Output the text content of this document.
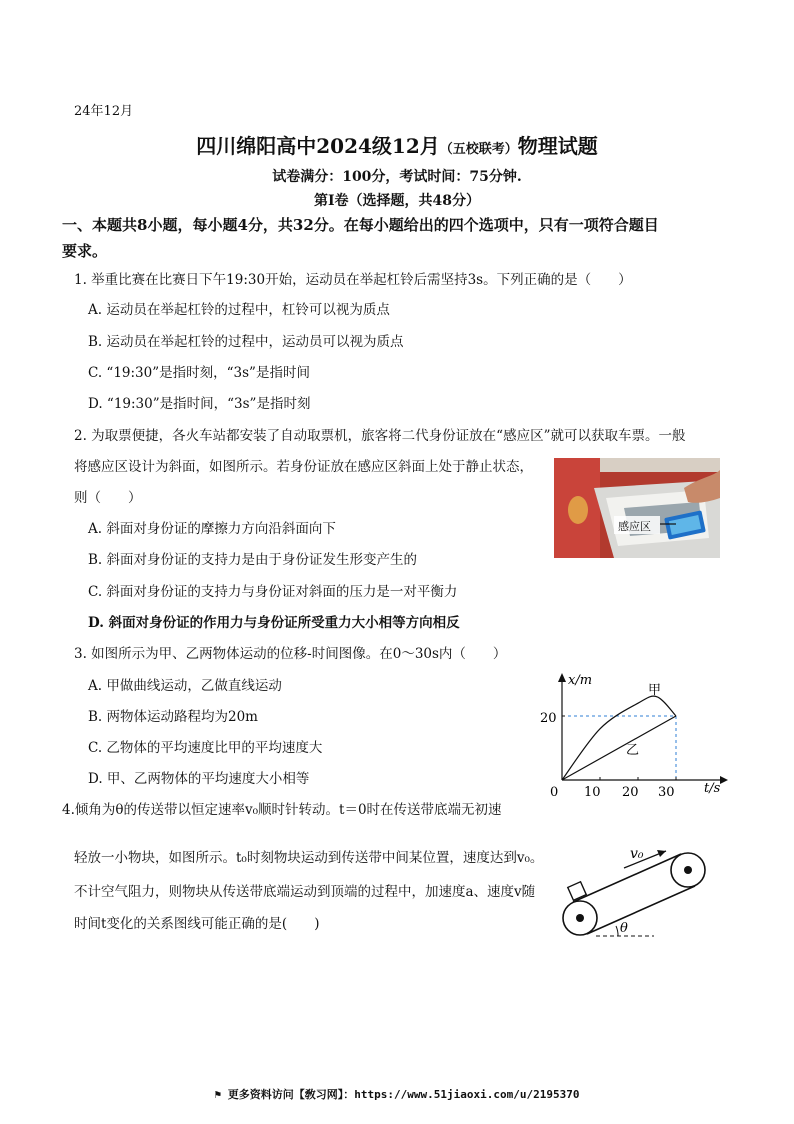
24年12月
四川绵阳高中2024级12月（五校联考）物理试题
试卷满分：100分，考试时间：75分钟.
第Ⅰ卷（选择题，共48分）
一、本题共8小题，每小题4分，共32分。在每小题给出的四个选项中，只有一项符合题目
要求。
1. 举重比赛在比赛日下午19:30开始，运动员在举起杠铃后需坚持3s。下列正确的是（　　）
A. 运动员在举起杠铃的过程中，杠铃可以视为质点
B. 运动员在举起杠铃的过程中，运动员可以视为质点
C. “19:30”是指时刻，“3s”是指时间
D. “19:30”是指时间，“3s”是指时刻
2. 为取票便捷，各火车站都安装了自动取票机，旅客将二代身份证放在“感应区”就可以获取车票。一般
将感应区设计为斜面，如图所示。若身份证放在感应区斜面上处于静止状态，
则（　　）
A. 斜面对身份证的摩擦力方向沿斜面向下
B. 斜面对身份证的支持力是由于身份证发生形变产生的
C. 斜面对身份证的支持力与身份证对斜面的压力是一对平衡力
D. 斜面对身份证的作用力与身份证所受重力大小相等方向相反
感应区
3. 如图所示为甲、乙两物体运动的位移-时间图像。在0～30s内（　　）
A. 甲做曲线运动，乙做直线运动
B. 两物体运动路程均为20m
C. 乙物体的平均速度比甲的平均速度大
D. 甲、乙两物体的平均速度大小相等
x/m
t/s
0
20
10 20 30
甲
乙
4.倾角为θ的传送带以恒定速率v₀顺时针转动。t＝0时在传送带底端无初速
轻放一小物块，如图所示。t₀时刻物块运动到传送带中间某位置，速度达到v₀。
不计空气阻力，则物块从传送带底端运动到顶端的过程中，加速度a、速度v随
时间t变化的关系图线可能正确的是(　　)
v₀
θ
⚑ 更多资料访问【敎习网】：https://www.51jiaoxi.com/u/2195370
